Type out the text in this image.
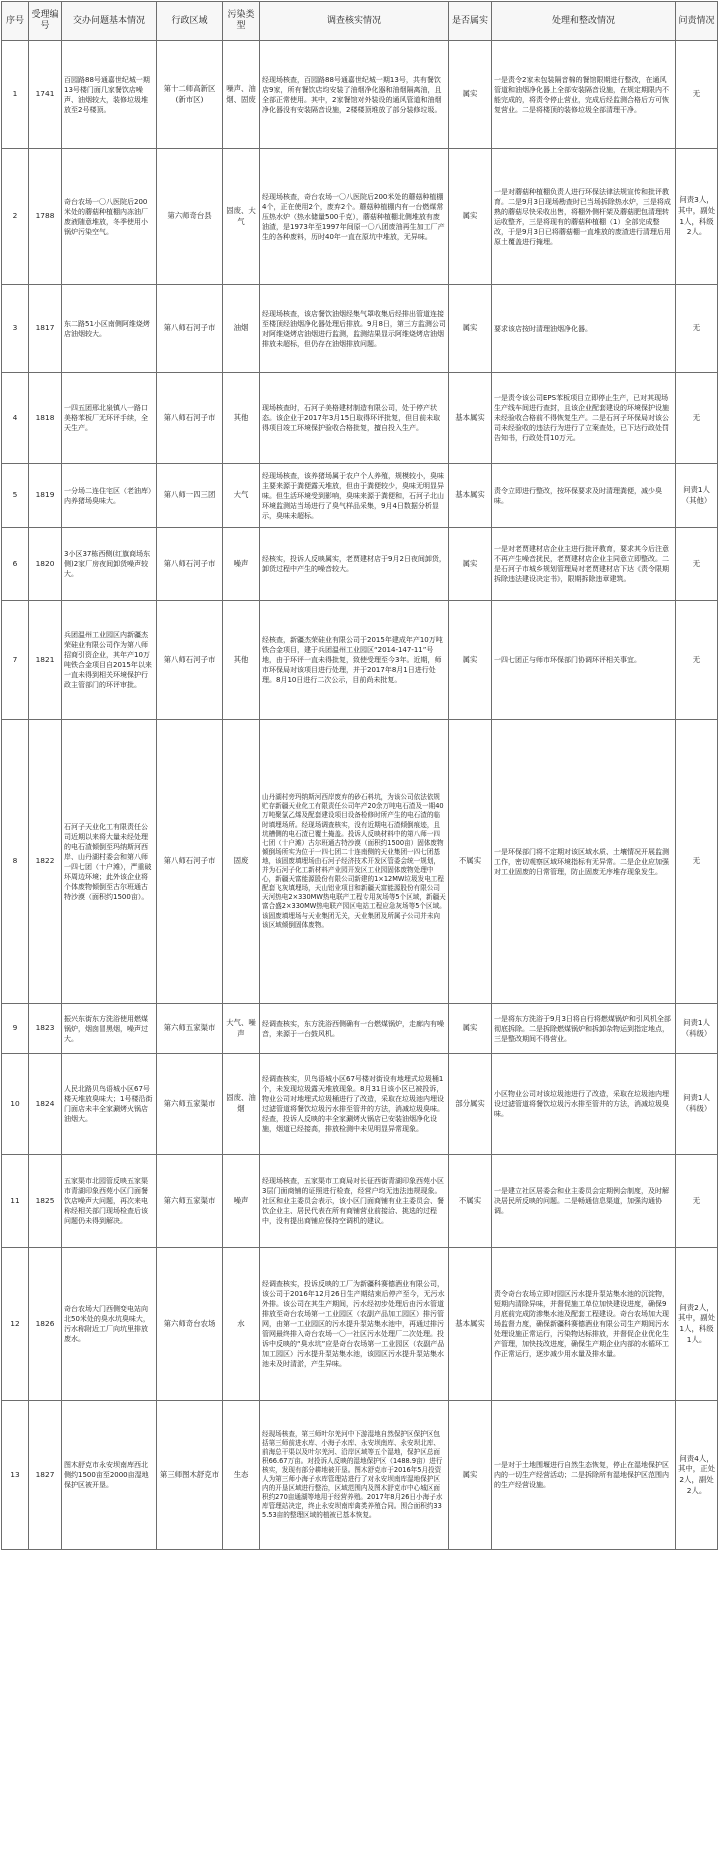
序号	受理编号	交办问题基本情况	行政区域	污染类型	调查核实情况	是否属实	处理和整改情况	问责情况
1	1741	百园路88号通嘉世纪城一期13号楼门面几家餐饮店噪声、油烟较大，装修垃圾堆放至2号楼顶。	第十二师高新区(新市区)	噪声、油烟、固废	经现场核查，百园路88号通嘉世纪城一期13号，共有餐饮店9家，所有餐饮店均安装了油烟净化器和油烟隔离油，且全部正常使用。其中，2家餐馆对外装设的通风管道和油烟净化器没有安装隔音设施，2楼楼顶堆放了部分装修垃圾。	属实	一是责令2家未包装隔音棉的餐馆限期进行整改，在通风管道和油烟净化器上全部安装隔音设施，在规定期限内不能完成的，将责令停止营业，完成后经监测合格后方可恢复营业。二是将楼顶的装修垃圾全部清理干净。	无
2	1788	奇台农场一〇八医院后200米处的蘑菇种植棚内冻油厂废液随意堆放，冬季使用小锅炉污染空气。	第六师奇台县	固废、大气	经现场核查，奇台农场一〇八医院后200米处的蘑菇种植棚4个，正在使用2个，废弃2个。蘑菇种植棚内有一台燃煤常压热水炉（热水储量500千克），蘑菇种植棚北侧堆放有废油渣，是1973年至1997年间原一〇八团废油再生加工厂产生的各种废料，历时40年一直在原坑中堆放，无异味。	属实	一是对蘑菇种植棚负责人进行环保法律法规宣传和批评教育。二是9月3日现场勘查时已当场拆除热水炉，三是将成熟的蘑菇尽快采收出售，将棚外侧杆架及蘑菇肥包清理转运收整齐，三是将现有的蘑菇种植棚（1）全部完成整改，于是9月3日已将蘑菇棚一直堆放的废渣进行清理后用原土覆盖进行掩埋。	问责3人，其中，副处1人，科级2人。
3	1817	东二路51小区南侧阿维烧烤店油烟较大。	第八师石河子市	油烟	经现场核查，该店餐饮油烟经集气罩收集后经排出管道连接至楼顶经油烟净化器处理后排放。9月8日，第三方监测公司对阿维烧烤店油烟进行监测，监测结果显示阿维烧烤店油烟排放未超标，但仍存在油烟排放问题。	属实	要求该店按时清理油烟净化器。	无
4	1818	一四五团邢北泉镇八一路口美格苯板厂无环评手续，全天生产。	第八师石河子市	其他	现场核查时，石河子美格建材制造有限公司，处于停产状态。该企业于2017年3月15日取得环评批复，但目前未取得项目竣工环境保护验收合格批复，擅自投入生产。	基本属实	一是责令该公司EPS苯板项目立即停止生产，已对其现场生产线车间进行查封，且该企业配套建设的环境保护设施未经验收合格前不得恢复生产。二是石河子环保局对该公司未经验收的违法行为进行了立案查处，已下达行政处罚告知书，行政处罚10万元。	无
5	1819	一分场二连住宅区（老油库）内养猪场臭味大。	第八师一四三团	大气	经现场核查，该养猪场属于农户个人养殖，规模较小，臭味主要来源于粪便露天堆放，但由于粪便较少，臭味无明显异味。但生活环境受到影响，臭味来源于粪便和，石河子北山环境监测站当场进行了臭气样品采集，9月4日数据分析显示，臭味未超标。	基本属实	责令立即进行整改，按环保要求及时清理粪便，减少臭味。	问责1人（其他）
6	1820	3小区37栋西侧(红旗商场东侧)2家厂房夜间卸货噪声较大。	第八师石河子市	噪声	经核实，投诉人反映属实，老贾建材店于9月2日夜间卸货，卸货过程中产生的噪音较大。	属实	一是对老贾建材店企业主进行批评教育，要求其今后注意不再产生噪音扰民，老贾建材店企业主同意立即整改。二是石河子市城乡规划管理局对老贾建材店下达《责令限期拆除违法建设决定书》，限期拆除违章建筑。	无
7	1821	兵团温州工业园区内新疆杰荣硅业有限公司作为第八师招商引资企业，其年产10万吨铁合金项目自2015年以来一直未得到相关环境保护行政主管部门的环评审批。	第八师石河子市	其他	经核查，新疆杰荣硅业有限公司于2015年建成年产10万吨铁合金项目，建于兵团温州工业园区“2014-147-11”号地，由于环评一直未得批复，致使受理至今3年。近期，师市环保局对该项目进行处理，并于2017年8月1日进行处理。8月10日进行二次公示，目前尚未批复。	属实	一四七团正与师市环保部门协调环评相关事宜。	无
8	1822	石河子天业化工有限责任公司近期以来将大量未经处理的电石渣倾倒至玛纳斯河西岸、山丹湖村委会和第八师一四七团（十户滩），严重破坏周边环境；此外该企业将个体废物倾倒至古尔班通古特沙漠（面积约1500亩）。	第八师石河子市	固废	山丹湖村旁玛纳斯河西岸废弃的砂石料坑，为该公司依法依规贮存新疆天业化工有限责任公司年产20余万吨电石渣及一期40万吨聚氯乙烯及配套建设项目设备检修时所产生的电石渣的临时填埋场所。经现场调查核实，没有近期电石渣倾倒痕迹，且坑槽侧的电石渣已覆土掩盖。投诉人反映材料中的第八师一四七团（十户滩）古尔班通古特沙漠（面积约1500亩）固体废物倾倒场所实为位于一四七团二十连南侧的天业集团一四七团基地，该固废填埋场由石河子经济技术开发区管委会统一规划，并为石河子化工新材料产业园开发区工业园固体废物处理中心，新疆天富能源股份有限公司新建的1×12MW垃圾发电工程配套飞灰填埋场，天山铝业项目和新疆天富能源股份有限公司天河热电2×330MW热电联产工程专用灰场等5个区域，新疆天富合盛2×330MW热电联产园区电站工程应急灰场等5个区域。该固废填埋场与天业集团无关，天业集团及所属子公司并未向该区域倾倒固体废物。	不属实	一是环保部门将不定期对该区域水质、土壤情况开展监测工作，密切观察区域环境指标有无异常。二是企业应加强对工业固废的日常管理，防止固废无序堆存现象发生。	无
9	1823	振兴东街东方洗浴使用燃煤锅炉，烟囱冒黑烟，噪声过大。	第六师五家渠市	大气、噪声	经调查核实，东方洗浴西侧确有一台燃煤锅炉，走廊内有噪音，来源于一台鼓风机。	属实	一是将东方洗浴于9月3日将自行将燃煤锅炉和引风机全部彻底拆除。二是拆除燃煤锅炉和拆卸杂物运到指定地点，三是整改期间不得营业。	问责1人（科级）
10	1824	人民北路贝鸟语城小区67号楼天堆放臭味大；1号楼沿街门面店未丰全家涮烤火锅店油烟大。	第六师五家渠市	固废、油烟	经调查核实，贝鸟语城小区67号楼对街设有地埋式垃圾桶1个，未发现垃圾露天堆放现象。8月31日该小区已被投诉，物业公司对地埋式垃圾桶进行了改造，采取在垃圾池内埋设过滤管道将餐饮垃圾污水排至管井的方法，消减垃圾臭味。经查，投诉人反映的丰全家涮烤火锅店已安装油烟净化设施，烟道已经接高，排放检测中未见明显异常现象。	部分属实	小区物业公司对该垃圾池进行了改造，采取在垃圾池内埋设过滤管道将餐饮垃圾污水排至管井的方法，消减垃圾臭味。	问责1人（科级）
11	1825	五家渠市北园管反映五家渠市青湖印象西苑小区门面餐饮店噪声大问题，再次来电称经相关部门现场检查后该问题仍未得到解决。	第六师五家渠市	噪声	经现场核查，五家渠市工商局对长征西街青湖印象西苑小区3层门面商铺的证照进行检查，经营户均无违法违规现象。社区和业主委员会表示，该小区门面商铺有业主委员会、餐饮企业主、居民代表在所有商铺营业前接洽、挑选的过程中，没有提出商铺应保持空调机的建议。	不属实	一是建立社区居委会和业主委员会定期例会制度，及时解决居民所反映的问题。二是畅通信息渠道，加强沟通协调。	无
12	1826	奇台农场大门西侧变电站向北50米处的臭水坑臭味大，污水称附近工厂向坑里排放废水。	第六师奇台农场	水	经调查核实，投诉反映的工厂为新疆科赛德酒业有限公司，该公司于2016年12月26日生产期结束后停产至今，无污水外排。该公司在其生产期间，污水经初步处理后由污水管道排放至奇台农场第一工业园区（农副产品加工园区）排污管网，由第一工业园区的污水提升泵站集水池中，再通过排污管网最终排入奇台农场一〇一社区污水处理厂二次处理。投诉中反映的“臭水坑”应是奇台农场第一工业园区（农副产品加工园区）污水提升泵站集水池，该园区污水提升泵站集水池未及时清淤，产生异味。	基本属实	责令奇台农场立即对园区污水提升泵站集水池的沉淀物，短期内清除异味，并督促施工单位加快建设进度，确保9月底前完成防渗集水池及配套工程建设。奇台农场加大现场监督力度，确保新疆科赛德酒业有限公司生产期间污水处理设施正常运行，污染物达标排放，并督促企业优化生产管理，加快技改进度，确保生产期企业内部的水循环工作正常运行，逐步减少用水量及排水量。	问责2人，其中，副处1人，科级1人。
13	1827	图木舒克市永安坝南库西北侧约1500亩至2000亩湿地保护区被开垦。	第三师图木舒克市	生态	经现场核查，第三师叶尔羌河中下游湿地自然保护区保护区包括第三师前进水库、小海子水库、永安坝南库、永安坝北库、前海总干渠以及叶尔羌河、沿岸区域等五个湿地，保护区总面积66.67万亩。对投诉人反映的湿地保护区（1488.9亩）进行核实，发现有部分耕地被开垦。图木舒克市于2016年5月投资人为第三师小海子水库管理站进行了对永安坝南库湿地保护区内的开垦区域进行整治，区域范围内及图木舒克市中心城区面积约270亩通湖等地用于经营养殖。2017年8月26日小海子水库管理站决定，终止永安坝南库禽类养殖合同。围合面积约335.53亩的整理区域的植被已基本恢复。	属实	一是对于土地围堰进行自然生态恢复，停止在湿地保护区内的一切生产经营活动；二是拆除所有湿地保护区范围内的生产经营设施。	问责4人，其中，正处2人，副处2人。
